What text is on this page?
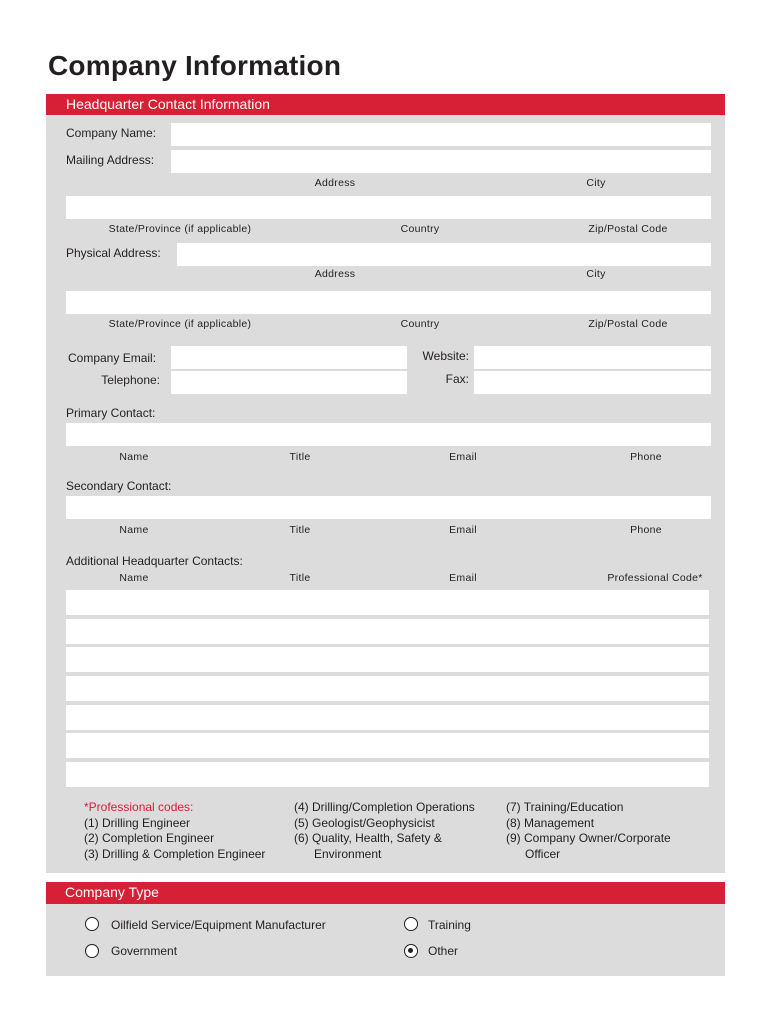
Company Information
Headquarter Contact Information
Company Name:
Mailing Address:
Address	City
State/Province (if applicable)	Country	Zip/Postal Code
Physical Address:
Address	City
State/Province (if applicable)	Country	Zip/Postal Code
Company Email:
Telephone:
Website:
Fax:
Primary Contact:
Name	Title	Email	Phone
Secondary Contact:
Name	Title	Email	Phone
Additional Headquarter Contacts:
Name	Title	Email	Professional Code*
*Professional codes:
(1) Drilling Engineer
(2) Completion Engineer
(3) Drilling & Completion Engineer
(4) Drilling/Completion Operations
(5) Geologist/Geophysicist
(6) Quality, Health, Safety &
Environment
(7) Training/Education
(8) Management
(9) Company Owner/Corporate
Officer
Company Type
Oilfield Service/Equipment Manufacturer
Government
Training
Other
